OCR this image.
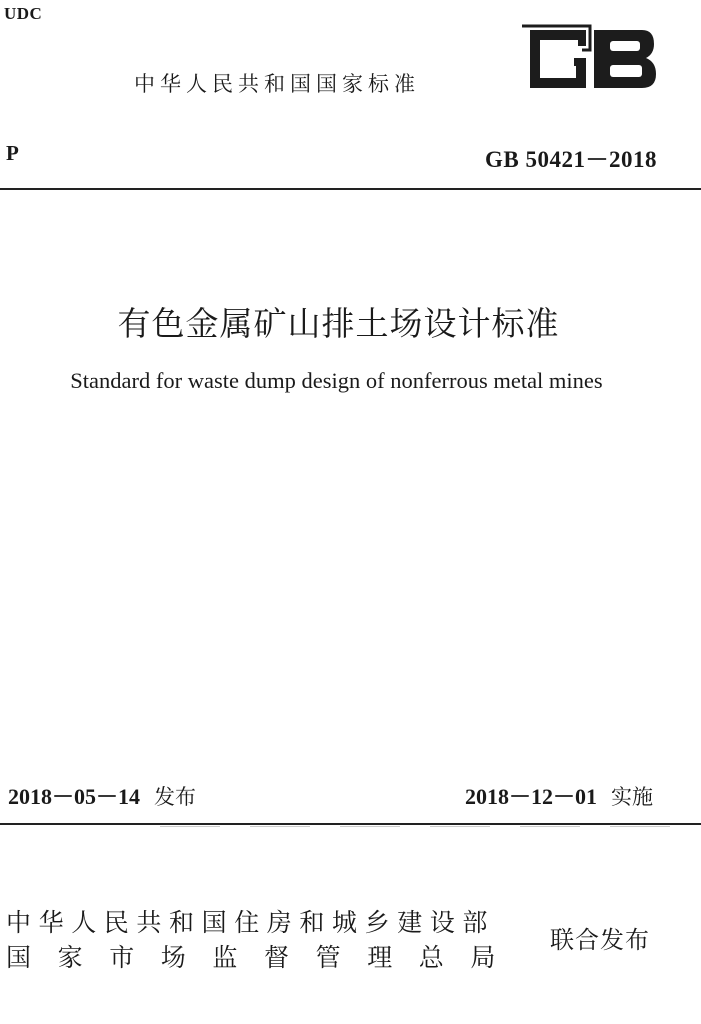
UDC
中华人民共和国国家标准
P	GB 50421－2018
有色金属矿山排土场设计标准
Standard for waste dump design of nonferrous metal mines
2018－05－14 发布	2018－12－01 实施
中华人民共和国住房和城乡建设部
国家市场监督管理总局
联合发布
